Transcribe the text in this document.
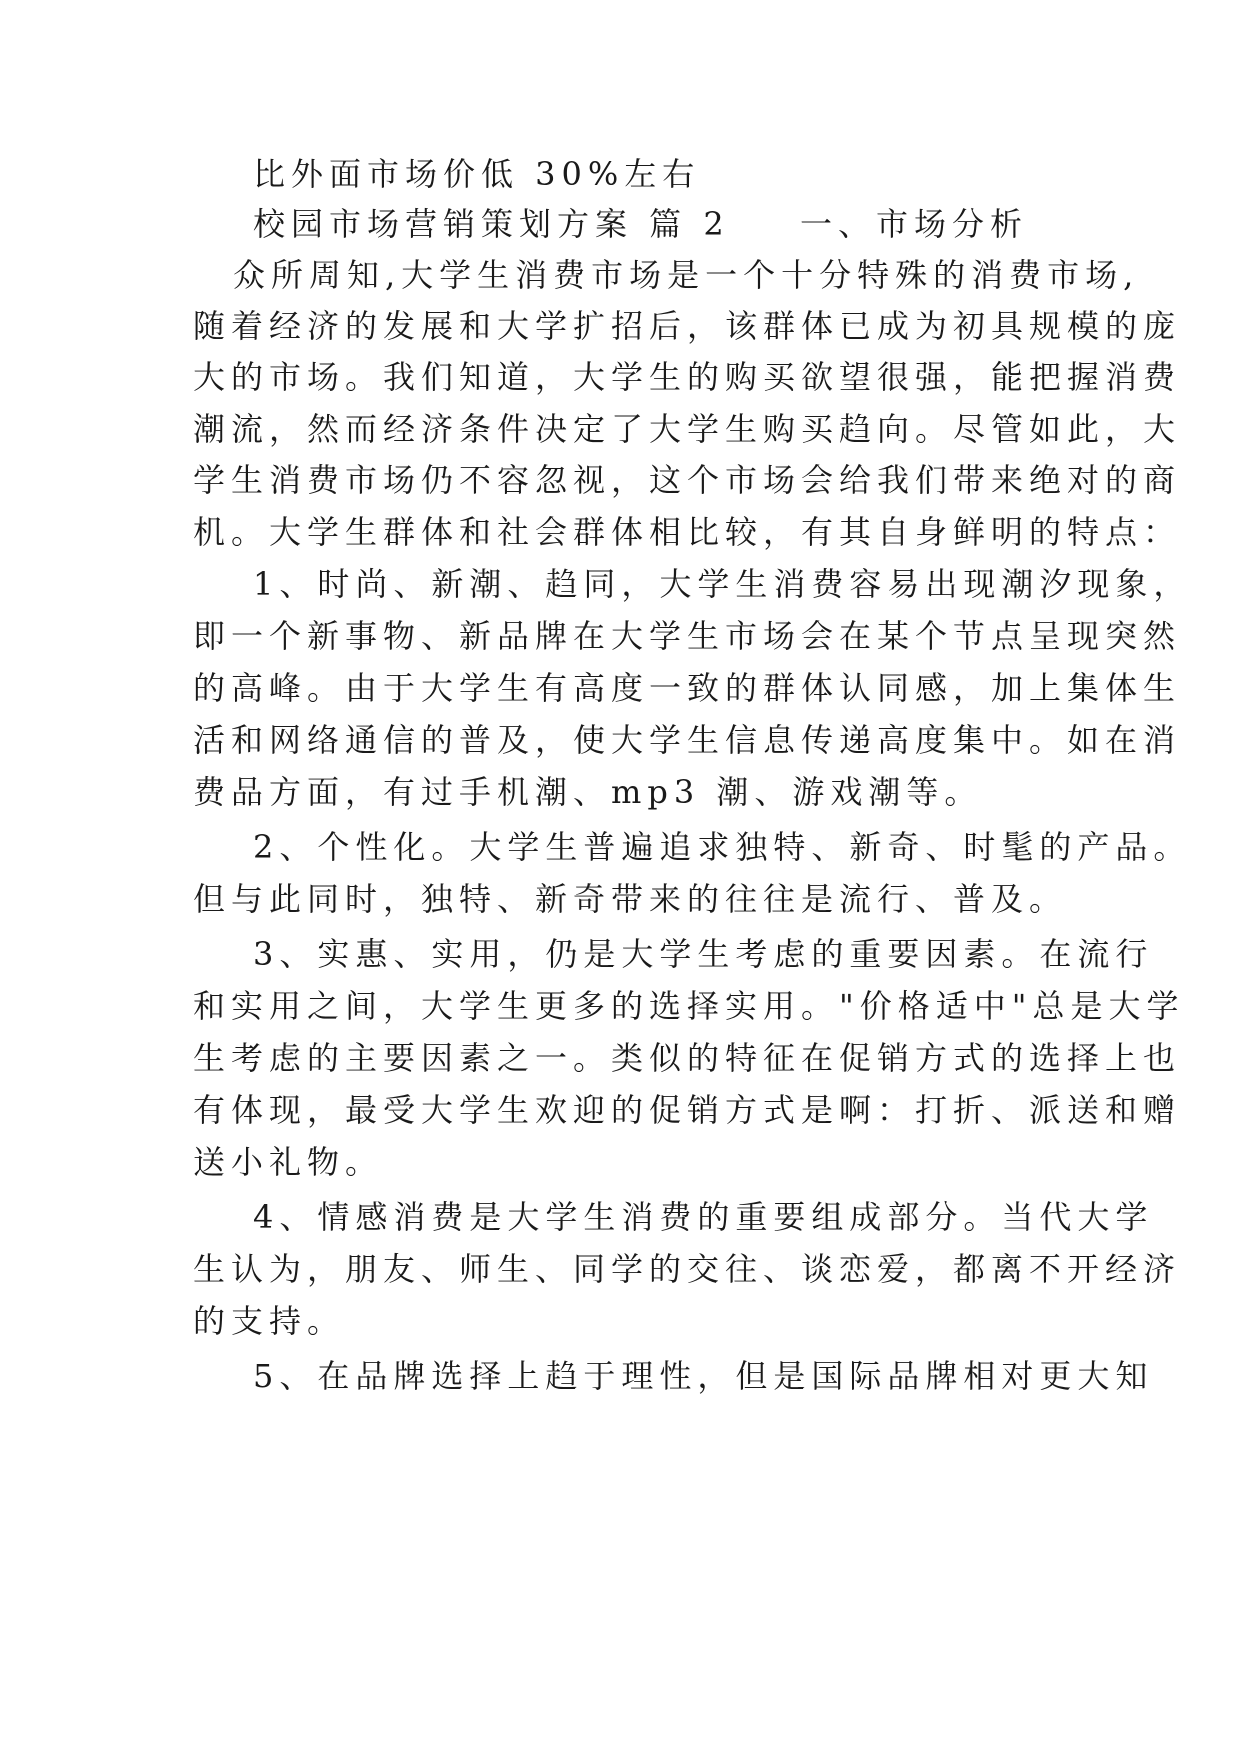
比外面市场价低 30%左右
校园市场营销策划方案 篇 2 　 一、市场分析
众所周知,大学生消费市场是一个十分特殊的消费市场,
随着经济的发展和大学扩招后，该群体已成为初具规模的庞
大的市场。我们知道，大学生的购买欲望很强，能把握消费
潮流，然而经济条件决定了大学生购买趋向。尽管如此，大
学生消费市场仍不容忽视，这个市场会给我们带来绝对的商
机。大学生群体和社会群体相比较，有其自身鲜明的特点：
1、时尚、新潮、趋同，大学生消费容易出现潮汐现象，
即一个新事物、新品牌在大学生市场会在某个节点呈现突然
的高峰。由于大学生有高度一致的群体认同感，加上集体生
活和网络通信的普及，使大学生信息传递高度集中。如在消
费品方面，有过手机潮、mp3 潮、游戏潮等。
2、个性化。大学生普遍追求独特、新奇、时髦的产品。
但与此同时，独特、新奇带来的往往是流行、普及。
3、实惠、实用，仍是大学生考虑的重要因素。在流行
和实用之间，大学生更多的选择实用。"价格适中"总是大学
生考虑的主要因素之一。类似的特征在促销方式的选择上也
有体现，最受大学生欢迎的促销方式是啊：打折、派送和赠
送小礼物。
4、情感消费是大学生消费的重要组成部分。当代大学
生认为，朋友、师生、同学的交往、谈恋爱，都离不开经济
的支持。
5、在品牌选择上趋于理性，但是国际品牌相对更大知
